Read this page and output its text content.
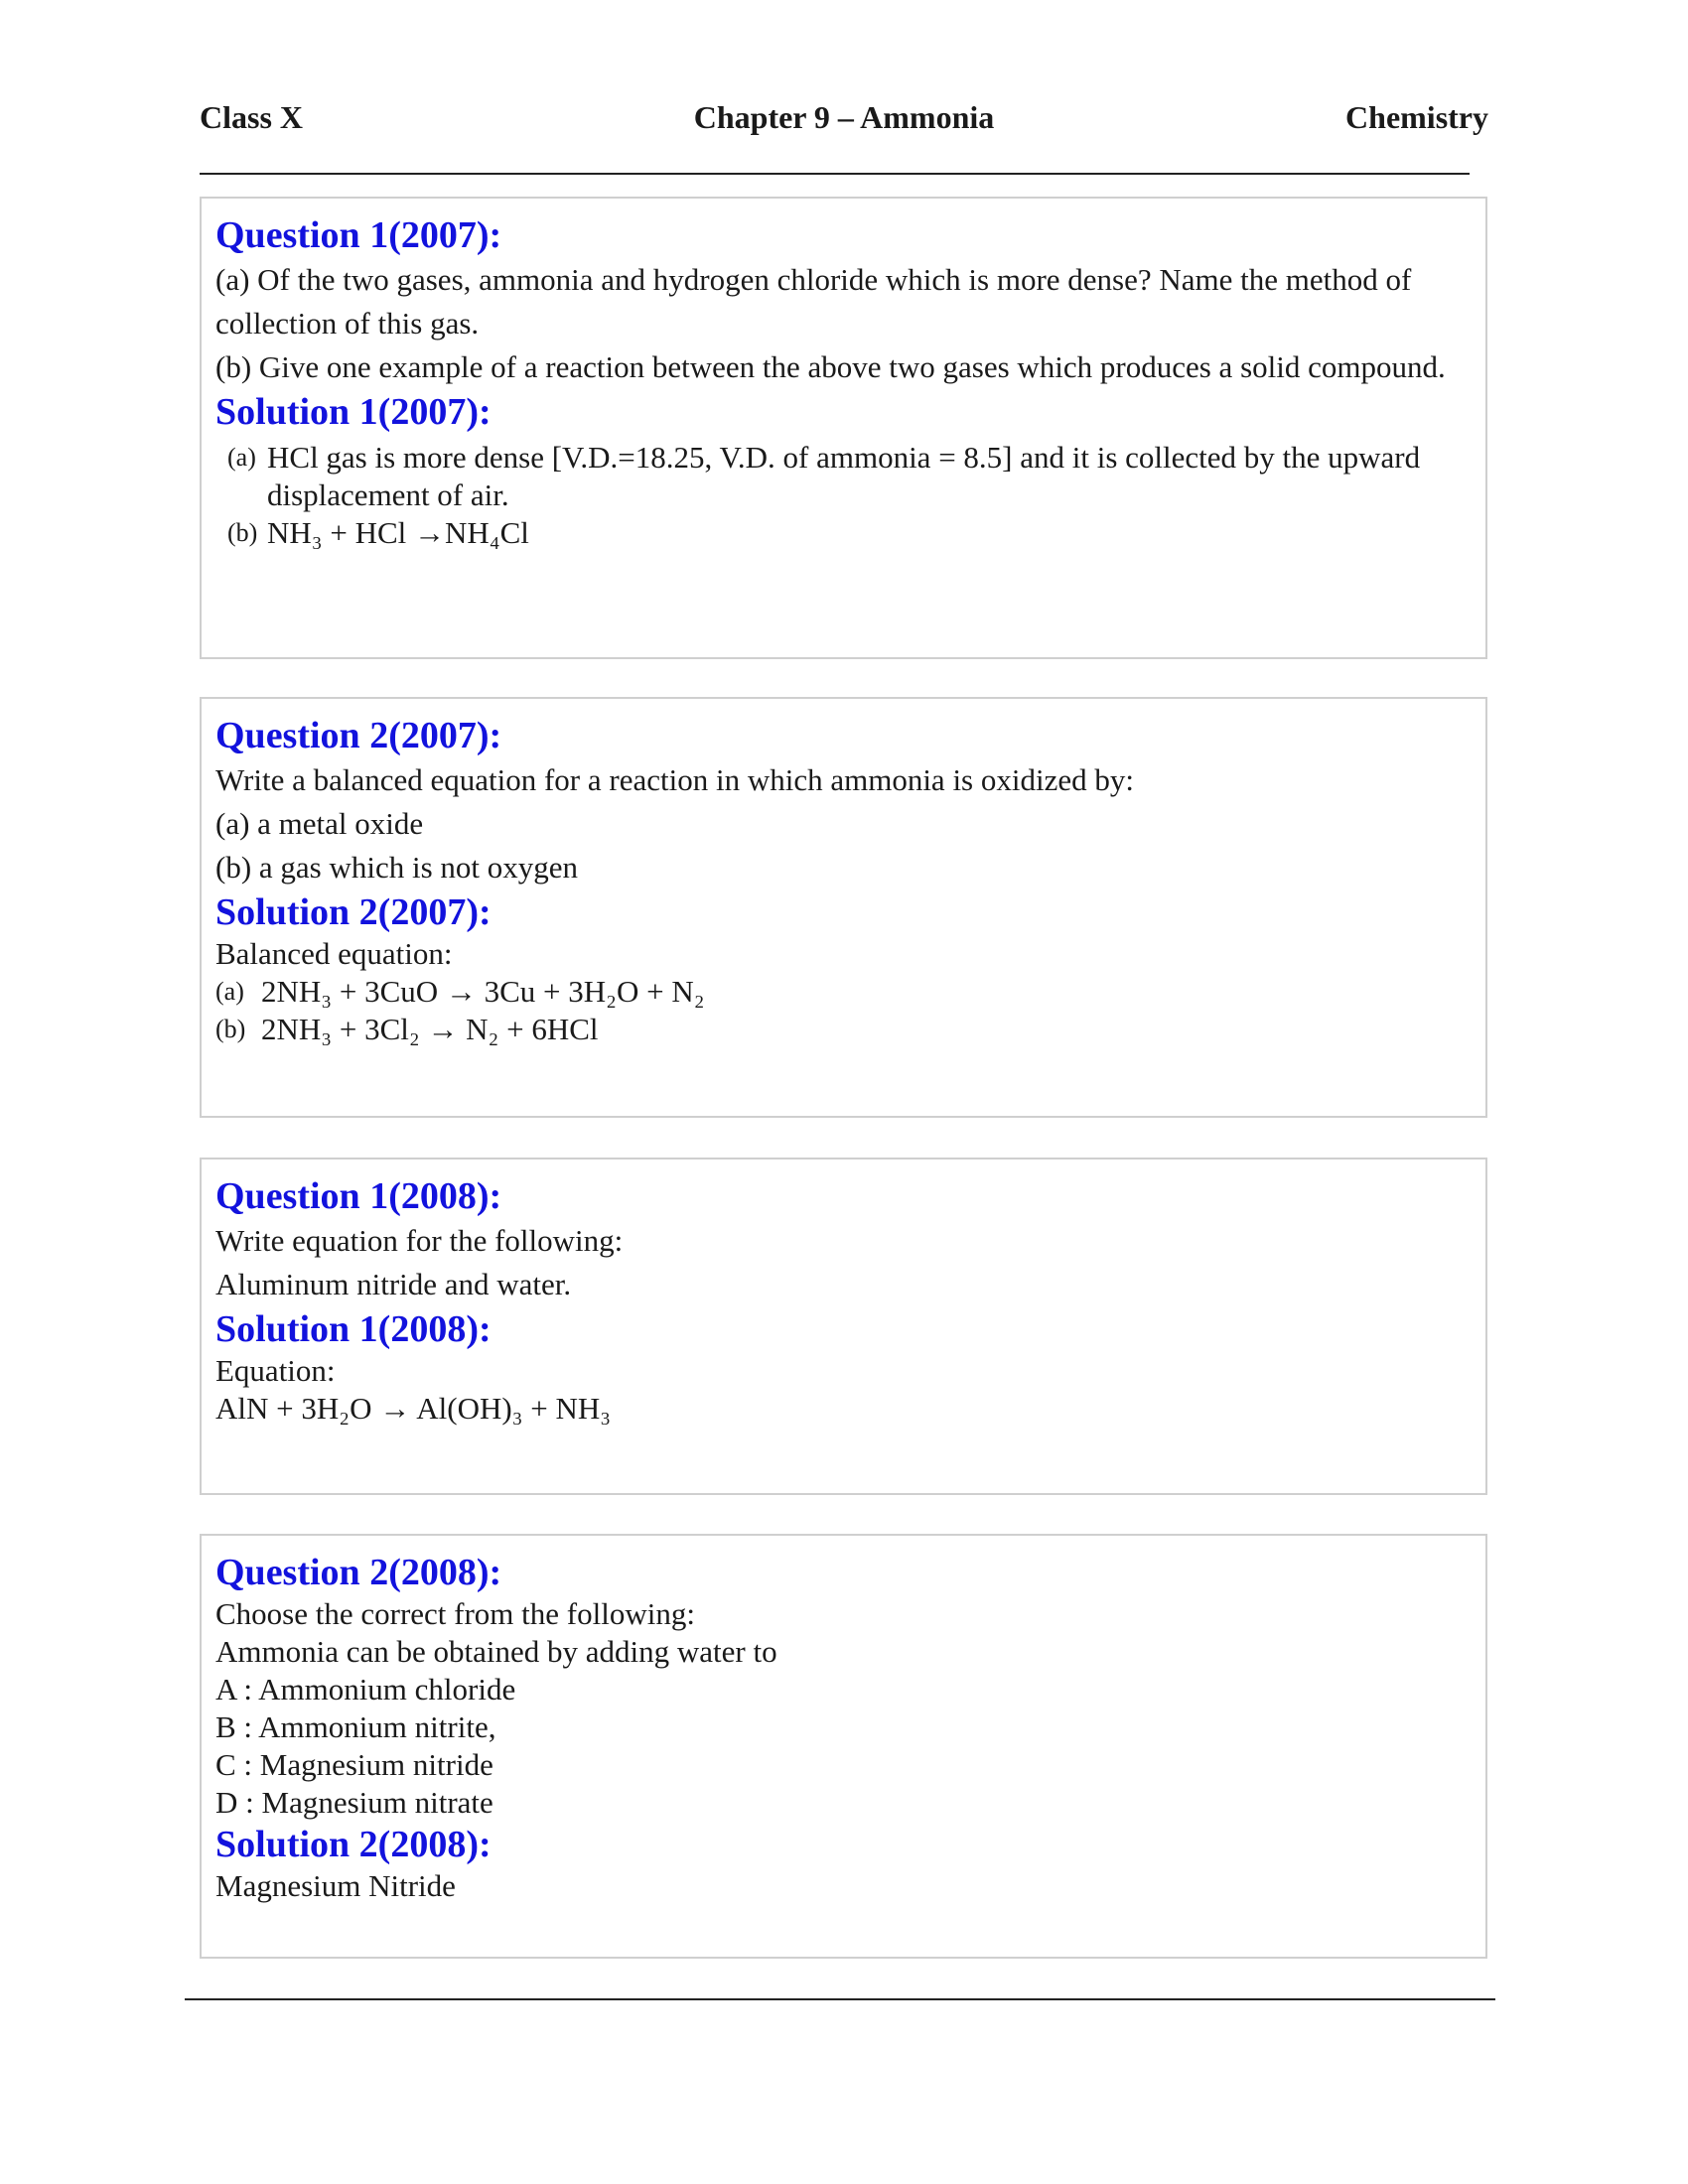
Class X	Chapter 9 – Ammonia	Chemistry

Question 1(2007):

(a) Of the two gases, ammonia and hydrogen chloride which is more dense? Name the method of collection of this gas.

(b) Give one example of a reaction between the above two gases which produces a solid compound.

Solution 1(2007):

(a) HCl gas is more dense [V.D.=18.25, V.D. of ammonia = 8.5] and it is collected by the upward displacement of air.
(b) NH₃ + HCl →NH₄Cl

Question 2(2007):

Write a balanced equation for a reaction in which ammonia is oxidized by:

(a) a metal oxide

(b) a gas which is not oxygen

Solution 2(2007):

Balanced equation:

(a) 2NH₃ + 3CuO → 3Cu + 3H₂O + N₂
(b) 2NH₃ + 3Cl₂ → N₂ + 6HCl

Question 1(2008):

Write equation for the following:

Aluminum nitride and water.

Solution 1(2008):

Equation:

AlN + 3H₂O → Al(OH)₃ + NH₃

Question 2(2008):

Choose the correct from the following:

Ammonia can be obtained by adding water to

A : Ammonium chloride

B : Ammonium nitrite,

C : Magnesium nitride

D : Magnesium nitrate

Solution 2(2008):

Magnesium Nitride
